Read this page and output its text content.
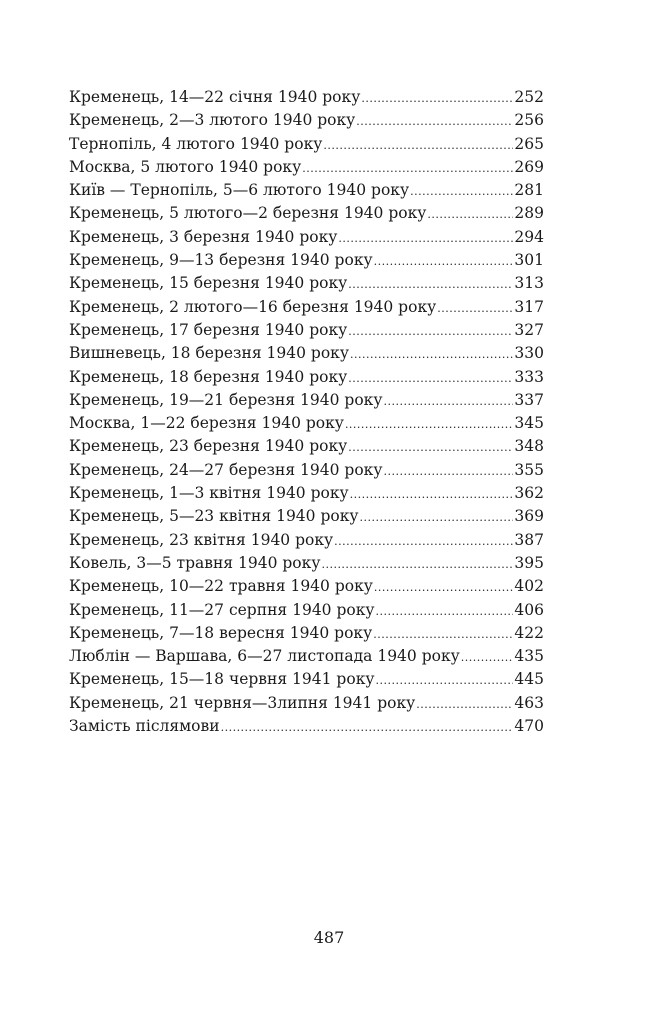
Кременець, 14—22 січня 1940 року .....	252
Кременець, 2—3 лютого 1940 року .....	256
Тернопіль, 4 лютого 1940 року .....	265
Москва, 5 лютого 1940 року .....	269
Київ — Тернопіль, 5—6 лютого 1940 року .....	281
Кременець, 5 лютого—2 березня 1940 року .....	289
Кременець, 3 березня 1940 року .....	294
Кременець, 9—13 березня 1940 року .....	301
Кременець, 15 березня 1940 року .....	313
Кременець, 2 лютого—16 березня 1940 року .....	317
Кременець, 17 березня 1940 року .....	327
Вишневець, 18 березня 1940 року .....	330
Кременець, 18 березня 1940 року .....	333
Кременець, 19—21 березня 1940 року .....	337
Москва, 1—22 березня 1940 року .....	345
Кременець, 23 березня 1940 року .....	348
Кременець, 24—27 березня 1940 року .....	355
Кременець, 1—3 квітня 1940 року .....	362
Кременець, 5—23 квітня 1940 року .....	369
Кременець, 23 квітня 1940 року .....	387
Ковель, 3—5 травня 1940 року .....	395
Кременець, 10—22 травня 1940 року .....	402
Кременець, 11—27 серпня 1940 року .....	406
Кременець, 7—18 вересня 1940 року .....	422
Люблін — Варшава, 6—27 листопада 1940 року .....	435
Кременець, 15—18 червня 1941 року .....	445
Кременець, 21 червня—3липня 1941 року .....	463
Замість післямови .....	470
487
